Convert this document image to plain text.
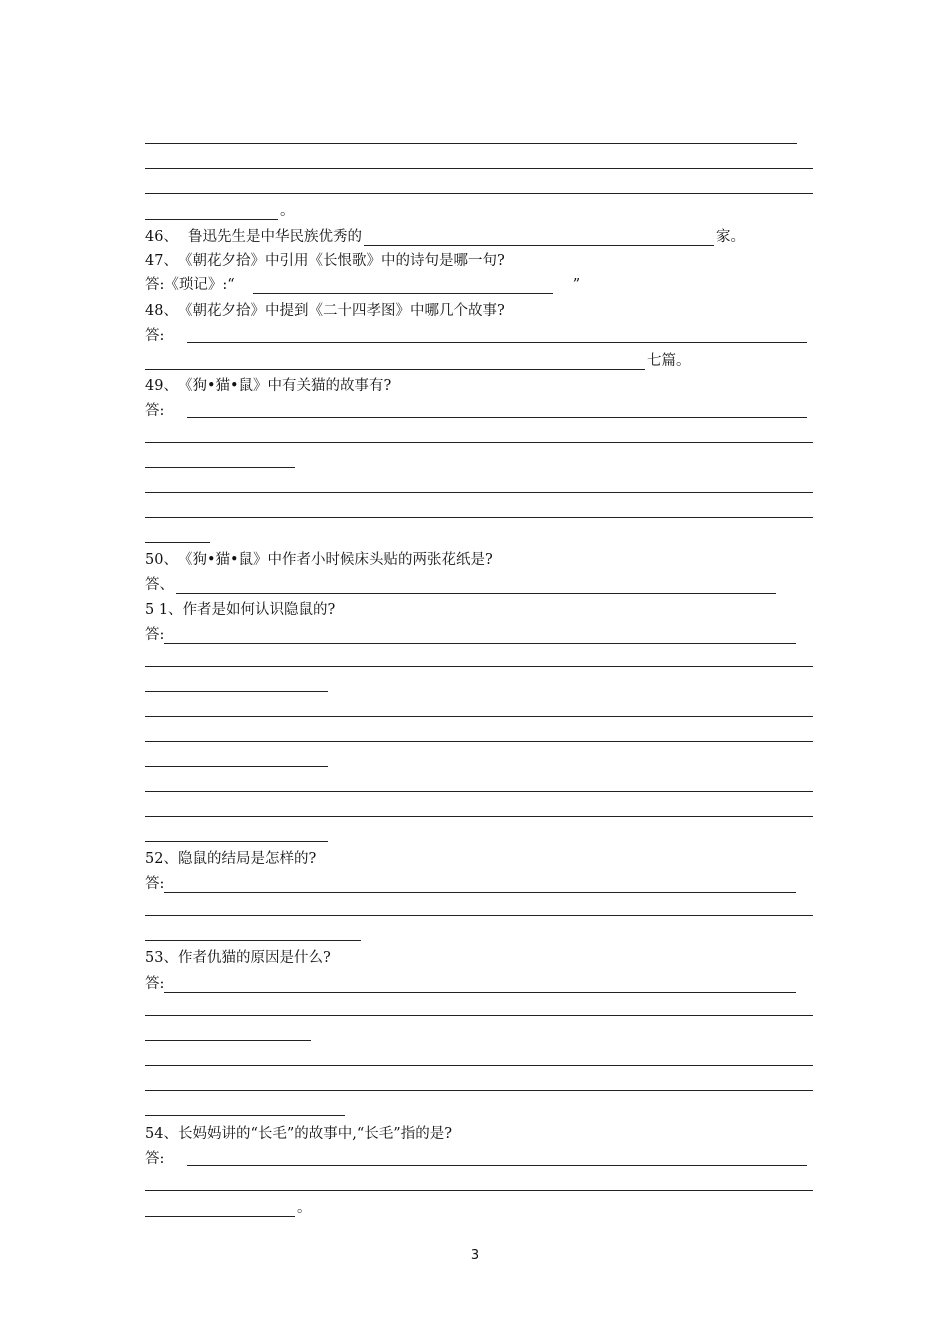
。
46、 鲁迅先生是中华民族优秀的	家。
47、 《朝花夕拾》中引用《长恨歌》中的诗句是哪一句?
答:《琐记》:“	”
48、 《朝花夕拾》中提到《二十四孝图》中哪几个故事?
答:
七篇。
49、 《狗•猫•鼠》中有关猫的故事有?
答:
50、 《狗•猫•鼠》中作者小时候床头贴的两张花纸是?
答、
5 1、 作者是如何认识隐鼠的?
答:
52、 隐鼠的结局是怎样的?
答:
53、 作者仇猫的原因是什么?
答:
54、 长妈妈讲的“长毛”的故事中,“长毛”指的是?
答:
。
3
